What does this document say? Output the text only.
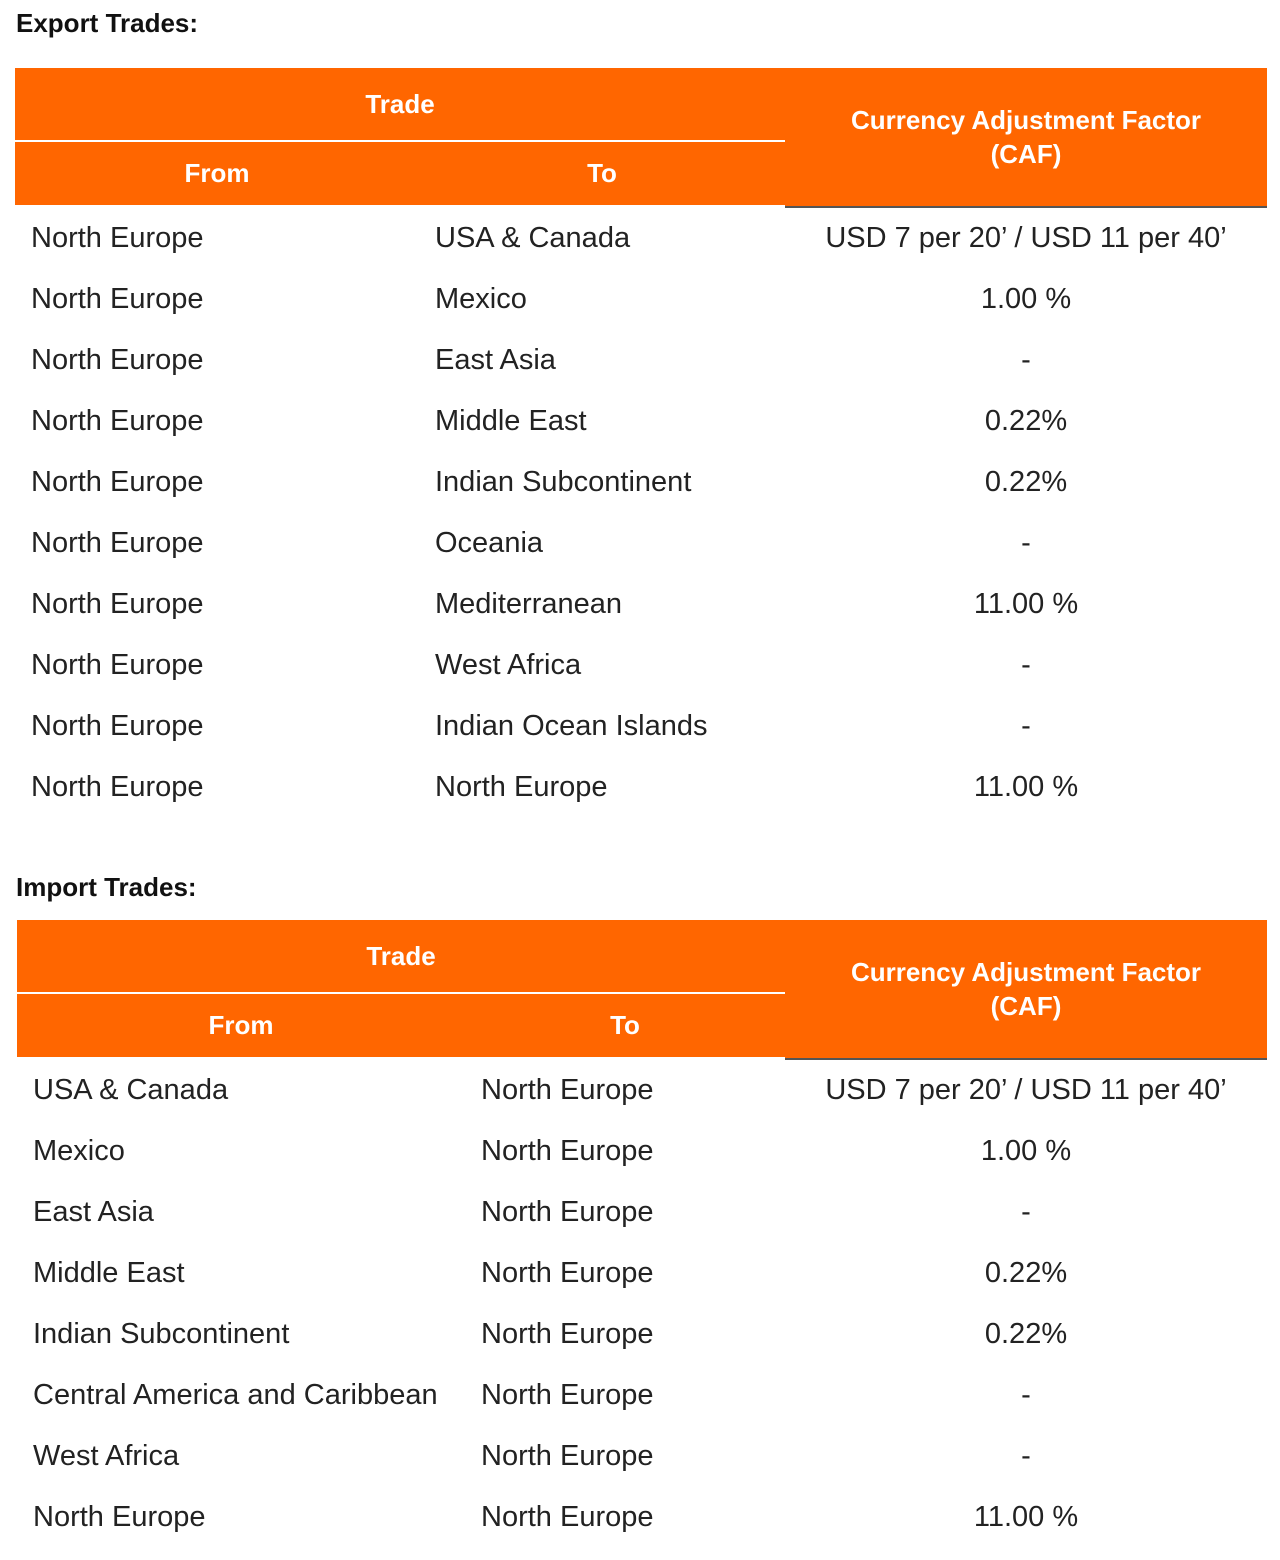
Export Trades:
Trade		Currency Adjustment Factor
(CAF)
From	To	
North Europe	USA & Canada	USD 7 per 20’ / USD 11 per 40’
North Europe	Mexico	1.00 %
North Europe	East Asia	-
North Europe	Middle East	0.22%
North Europe	Indian Subcontinent	0.22%
North Europe	Oceania	-
North Europe	Mediterranean	11.00 %
North Europe	West Africa	-
North Europe	Indian Ocean Islands	-
North Europe	North Europe	11.00 %
Import Trades:
Trade		Currency Adjustment Factor
(CAF)
From	To	
USA & Canada	North Europe	USD 7 per 20’ / USD 11 per 40’
Mexico	North Europe	1.00 %
East Asia	North Europe	-
Middle East	North Europe	0.22%
Indian Subcontinent	North Europe	0.22%
Central America and Caribbean	North Europe	-
West Africa	North Europe	-
North Europe	North Europe	11.00 %
